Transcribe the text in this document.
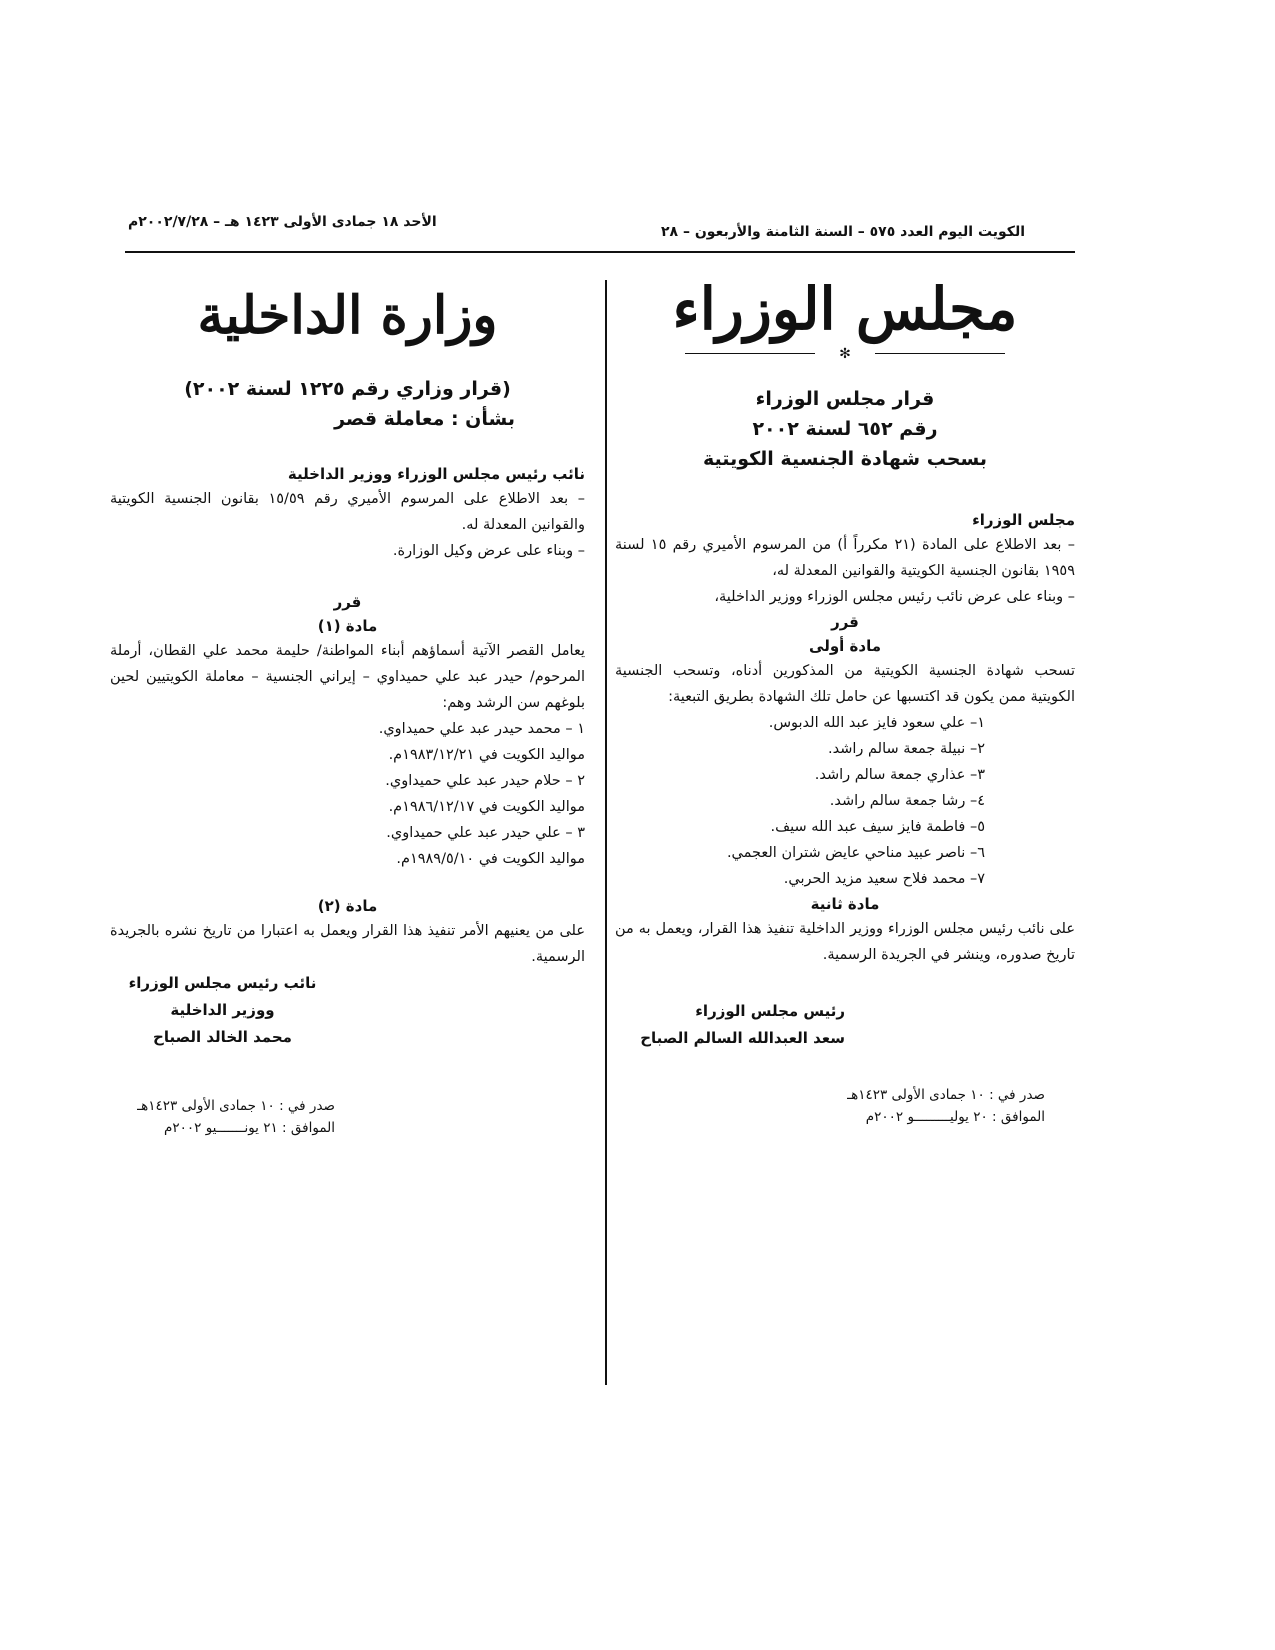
الكويت اليوم العدد ٥٧٥ – السنة الثامنة والأربعون – ٢٨
الأحد ١٨ جمادى الأولى ١٤٢٣ هـ – ٢٠٠٢/٧/٢٨م

مجلس الوزراء

✻

قرار مجلس الوزراء

رقم ٦٥٢ لسنة ٢٠٠٢

بسحب شهادة الجنسية الكويتية

مجلس الوزراء

– بعد الاطلاع على المادة (٢١ مكرراً أ) من المرسوم الأميري رقم ١٥ لسنة ١٩٥٩ بقانون الجنسية الكويتية والقوانين المعدلة له،

– وبناء على عرض نائب رئيس مجلس الوزراء ووزير الداخلية،

قرر

مادة أولى

تسحب شهادة الجنسية الكويتية من المذكورين أدناه، وتسحب الجنسية الكويتية ممن يكون قد اكتسبها عن حامل تلك الشهادة بطريق التبعية:

١– علي سعود فايز عبد الله الدبوس.

٢– نبيلة جمعة سالم راشد.

٣– عذاري جمعة سالم راشد.

٤– رشا جمعة سالم راشد.

٥– فاطمة فايز سيف عبد الله سيف.

٦– ناصر عبيد مناحي عايض شتران العجمي.

٧– محمد فلاح سعيد مزيد الحربي.

مادة ثانية

على نائب رئيس مجلس الوزراء ووزير الداخلية تنفيذ هذا القرار، ويعمل به من تاريخ صدوره، وينشر في الجريدة الرسمية.

رئيس مجلس الوزراء

سعد العبدالله السالم الصباح

صدر في : ١٠ جمادى الأولى ١٤٢٣هـ

الموافق : ٢٠ يوليـــــــــو ٢٠٠٢م

وزارة الداخلية

(قرار وزاري رقم ١٢٢٥ لسنة ٢٠٠٢)

بشأن : معاملة قصر

نائب رئيس مجلس الوزراء ووزير الداخلية

– بعد الاطلاع على المرسوم الأميري رقم ١٥/٥٩ بقانون الجنسية الكويتية والقوانين المعدلة له.

– وبناء على عرض وكيل الوزارة.

قرر

مادة (١)

يعامل القصر الآتية أسماؤهم أبناء المواطنة/ حليمة محمد علي القطان، أرملة المرحوم/ حيدر عبد علي حميداوي – إيراني الجنسية – معاملة الكويتيين لحين بلوغهم سن الرشد وهم:

١ – محمد حيدر عبد علي حميداوي.

مواليد الكويت في ١٩٨٣/١٢/٢١م.

٢ – حلام حيدر عبد علي حميداوي.

مواليد الكويت في ١٩٨٦/١٢/١٧م.

٣ – علي حيدر عبد علي حميداوي.

مواليد الكويت في ١٩٨٩/٥/١٠م.

مادة (٢)

على من يعنيهم الأمر تنفيذ هذا القرار ويعمل به اعتبارا من تاريخ نشره بالجريدة الرسمية.

نائب رئيس مجلس الوزراء

ووزير الداخلية

محمد الخالد الصباح

صدر في : ١٠ جمادى الأولى ١٤٢٣هـ

الموافق : ٢١ يونـــــــيو ٢٠٠٢م
